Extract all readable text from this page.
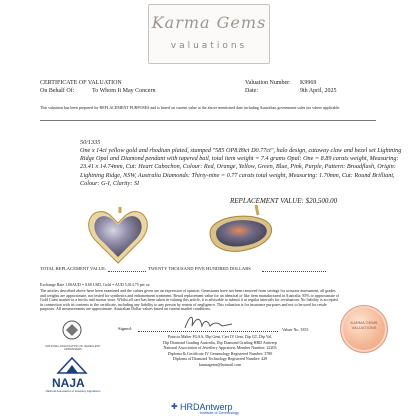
Karma Gems
valuations
CERTIFICATE OF VALUATION
On Behalf Of:	To Whom It May Concern
Valuation Number: K9969
Date:	9th April, 2025
This valuation has been prepared for REPLACEMENT PURPOSES and is based on current value at the above mentioned date including Australian government sales tax where applicable.
50/1335
One x 14ct yellow gold and rhodium plated, stamped "585 OP8.89ct D0.77ct", halo design, cutaway claw and bezel set Lightning Ridge Opal and Diamond pendant with tapered bail, total item weight = 7.4 grams Opal: One = 8.89 carats weight, Measuring: 23.41 x 14.74mm, Cut: Heart Cabochon, Colour: Red, Orange, Yellow, Green, Blue, Pink, Purple, Pattern: Broadflash, Origin: Lightning Ridge, NSW, Australia Diamonds: Thirty-nine = 0.77 carats total weight, Measuring: 1.70mm, Cut: Round Brilliant, Colour: G-I, Clarity: SI
REPLACEMENT VALUE: $20,500.00
TOTAL REPLACEMENT VALUE:	TWENTY THOUSAND FIVE HUNDRED DOLLARS
Exchange Rate 1.00AUD = 0.60 USD, Gold = AUD 5,014.75 per oz
The articles described above have been examined and the values given are an expression of opinion. Gemstones have not been removed from settings for accurate assessment, all grades and weights are approximate, nor tested for synthetics and enhancement treatment. Retail replacement value for an identical or like item manufactured in Australia. 85% to approximate of Gold Coast market in a bricks and mortar store. Whilst all care has been taken in valuing this article, it is advisable to submit it at regular intervals for revaluation. No liability is accepted in connection with its contents to the certificate, including any liability to any person by reason of negligence. This valuation is for insurance purposes and not to be used for resale purposes. All measurements are approximate. Australian Dollar values based on current market conditions.
Signed:	Valuer No. 3353
Patricia Maher FGAA, Dip Gem, Cert IV Gem, Dip GT, Dip Val.
Dip Diamond Grading Australia, Dip Diamond Grading HRD Antwerp
National Association of Jewellery Appraisers Member Number: 22203
Diploma & Certificate IV Gemmology Registered Number: 3780
Diploma of Diamond Technology Registered Number: 428
karmagems@hotmail.com
KARMA GEMS VALUATIONS
NATIONAL ASSOCIATION OF JEWELLERY APPRAISERS
NAJA
National Association of Jewellery Appraisers
✚ HRDAntwerp
Institute of Gemmology
